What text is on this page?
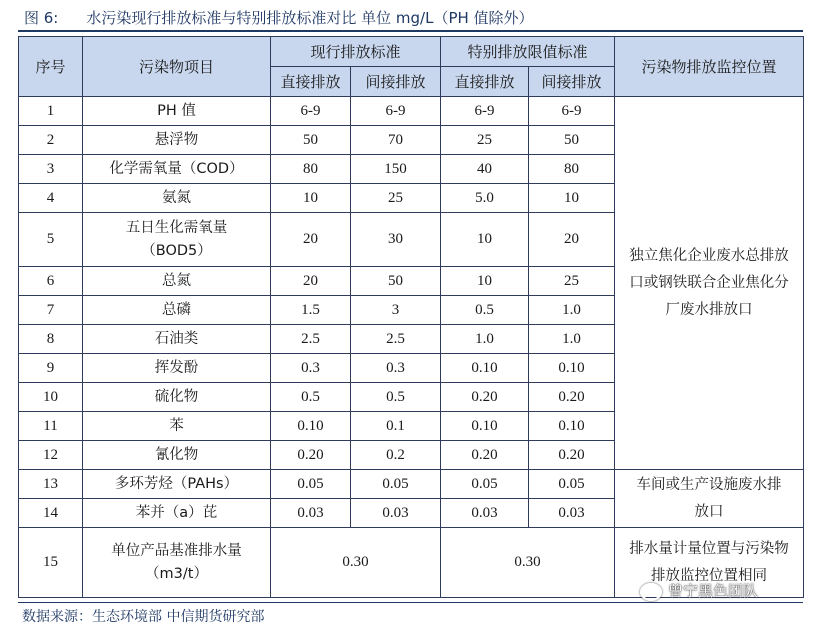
图 6: 水污染现行排放标准与特别排放标准对比 单位 mg/L（PH 值除外）
序号	污染物项目	现行排放标准		特别排放限值标准		污染物排放监控位置
		直接排放	间接排放	直接排放	间接排放	
1	PH 值	6-9	6-9	6-9	6-9	独立焦化企业废水总排放口或钢铁联合企业焦化分厂废水排放口
2	悬浮物	50	70	25	50	
3	化学需氧量（COD）	80	150	40	80	
4	氨氮	10	25	5.0	10	
5	五日生化需氧量（BOD5）	20	30	10	20	
6	总氮	20	50	10	25	
7	总磷	1.5	3	0.5	1.0	
8	石油类	2.5	2.5	1.0	1.0	
9	挥发酚	0.3	0.3	0.10	0.10	
10	硫化物	0.5	0.5	0.20	0.20	
11	苯	0.10	0.1	0.10	0.10	
12	氰化物	0.20	0.2	0.20	0.20	
13	多环芳烃（PAHs）	0.05	0.05	0.05	0.05	车间或生产设施废水排放口
14	苯并（a）芘	0.03	0.03	0.03	0.03	
15	单位产品基准排水量（m3/t）	0.30		0.30		排水量计量位置与污染物排放监控位置相同
数据来源：生态环境部 中信期货研究部
曾宁黑色团队
